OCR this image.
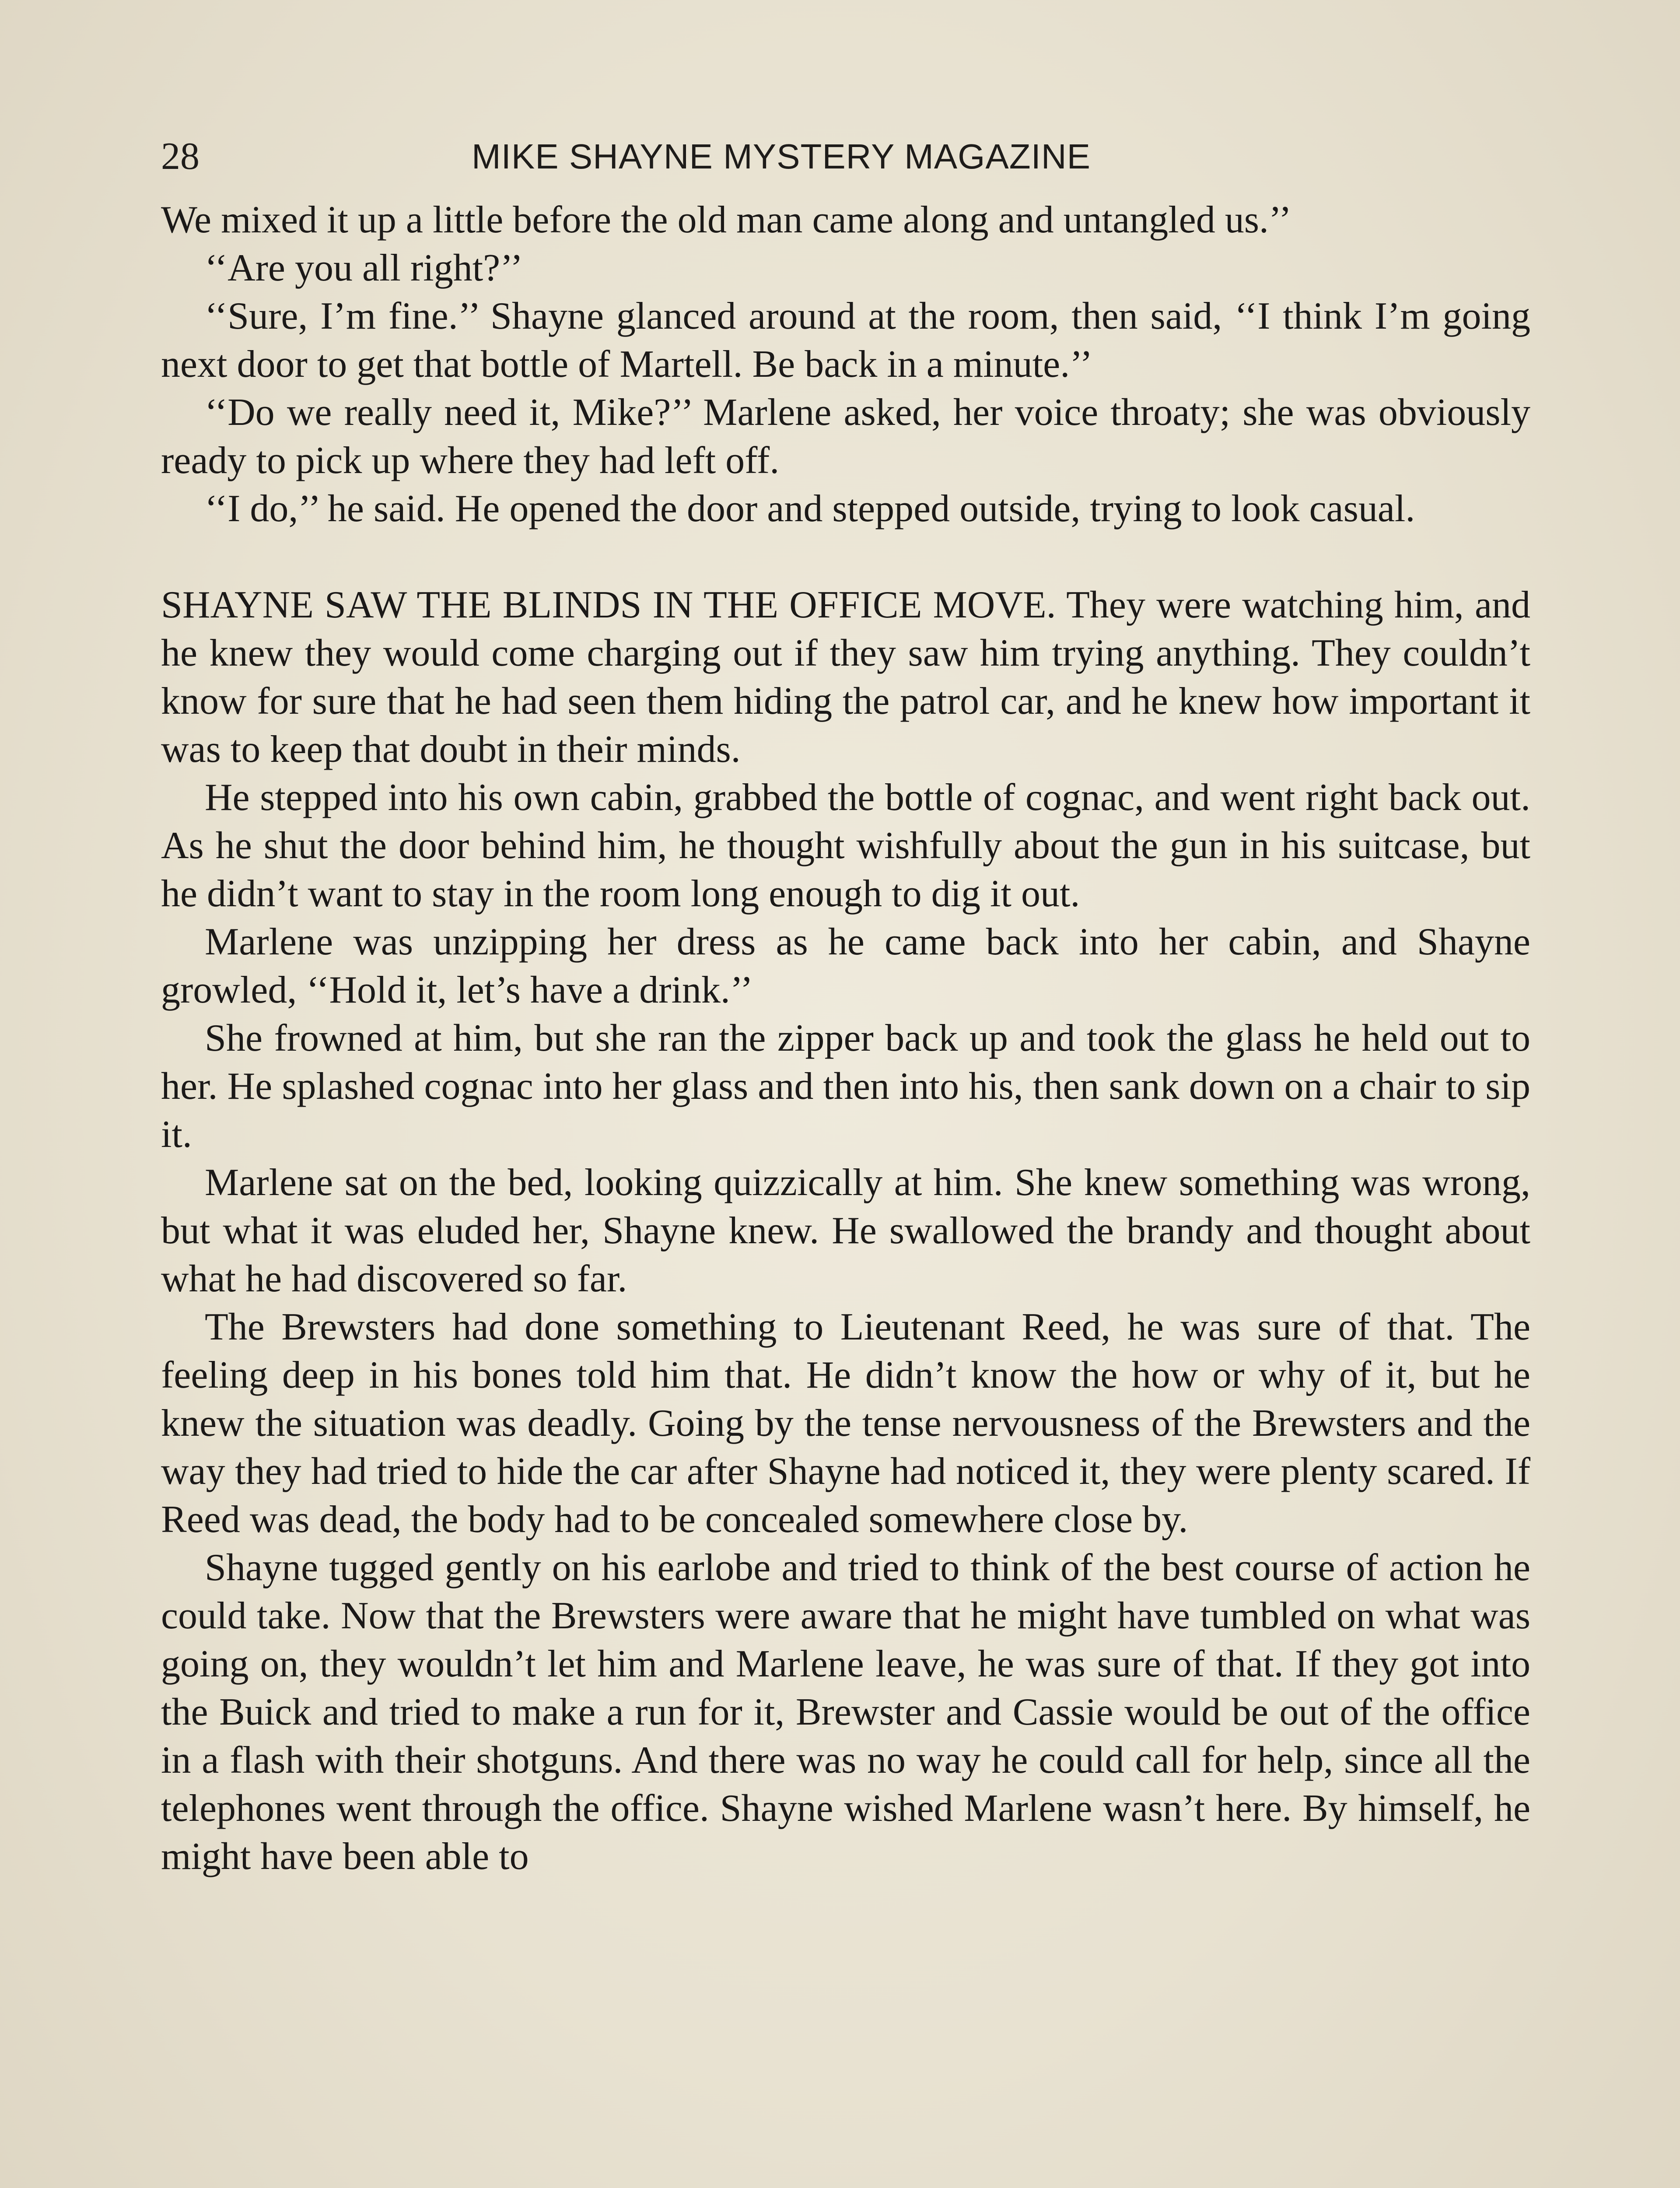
28	MIKE SHAYNE MYSTERY MAGAZINE

We mixed it up a little before the old man came along and untangled us.’’

‘‘Are you all right?’’

‘‘Sure, I’m fine.’’ Shayne glanced around at the room, then said, ‘‘I think I’m going next door to get that bottle of Martell. Be back in a minute.’’

‘‘Do we really need it, Mike?’’ Marlene asked, her voice throaty; she was obviously ready to pick up where they had left off.

‘‘I do,’’ he said. He opened the door and stepped outside, trying to look casual.

SHAYNE SAW THE BLINDS IN THE OFFICE MOVE. They were watching him, and he knew they would come charging out if they saw him trying anything. They couldn’t know for sure that he had seen them hiding the patrol car, and he knew how important it was to keep that doubt in their minds.

He stepped into his own cabin, grabbed the bottle of cognac, and went right back out. As he shut the door behind him, he thought wishfully about the gun in his suitcase, but he didn’t want to stay in the room long enough to dig it out.

Marlene was unzipping her dress as he came back into her cabin, and Shayne growled, ‘‘Hold it, let’s have a drink.’’

She frowned at him, but she ran the zipper back up and took the glass he held out to her. He splashed cognac into her glass and then into his, then sank down on a chair to sip it.

Marlene sat on the bed, looking quizzically at him. She knew something was wrong, but what it was eluded her, Shayne knew. He swallowed the brandy and thought about what he had discovered so far.

The Brewsters had done something to Lieutenant Reed, he was sure of that. The feeling deep in his bones told him that. He didn’t know the how or why of it, but he knew the situation was deadly. Going by the tense nervousness of the Brewsters and the way they had tried to hide the car after Shayne had noticed it, they were plenty scared. If Reed was dead, the body had to be concealed somewhere close by.

Shayne tugged gently on his earlobe and tried to think of the best course of action he could take. Now that the Brewsters were aware that he might have tumbled on what was going on, they wouldn’t let him and Marlene leave, he was sure of that. If they got into the Buick and tried to make a run for it, Brewster and Cassie would be out of the office in a flash with their shotguns. And there was no way he could call for help, since all the telephones went through the office. Shayne wished Marlene wasn’t here. By himself, he might have been able to
